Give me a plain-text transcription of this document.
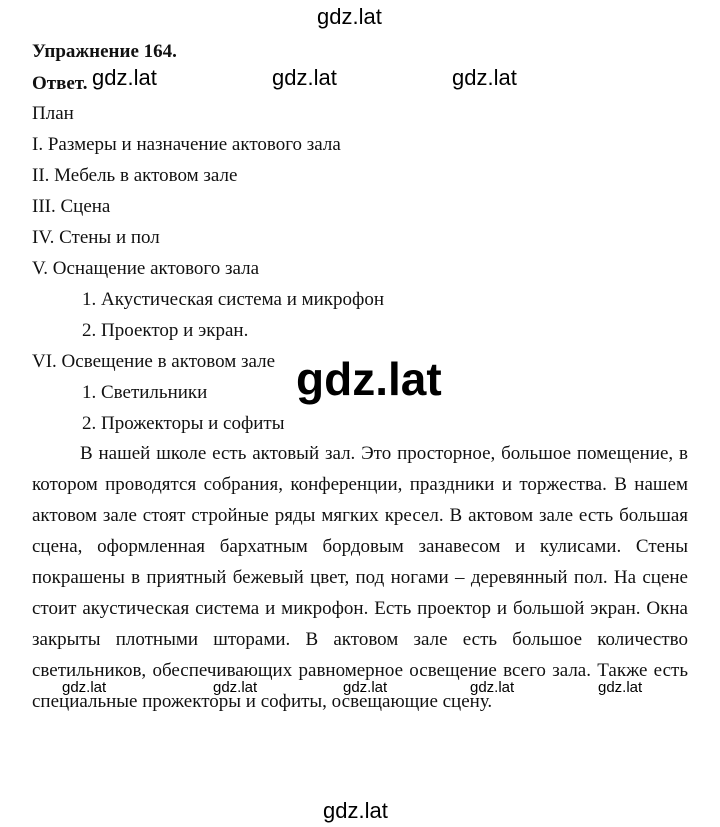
gdz.lat
Упражнение 164.
Ответ. gdz.lat	gdz.lat	gdz.lat
План
I. Размеры и назначение актового зала
II. Мебель в актовом зале
III. Сцена
IV. Стены и пол
V. Оснащение актового зала
1. Акустическая система и микрофон
2. Проектор и экран.
VI. Освещение в актовом зале
1. Светильники
2. Прожекторы и софиты
gdz.lat
В нашей школе есть актовый зал. Это просторное, большое помещение, в котором проводятся собрания, конференции, праздники и торжества. В нашем актовом зале стоят стройные ряды мягких кресел. В актовом зале есть большая сцена, оформленная бархатным бордовым занавесом и кулисами. Стены покрашены в приятный бежевый цвет, под ногами – деревянный пол. На сцене стоит акустическая система и микрофон. Есть проектор и большой экран. Окна закрыты плотными шторами. В актовом зале есть большое количество светильников, обеспечивающих равномерное освещение всего зала. Также есть специальные прожекторы и софиты, освещающие сцену.
gdz.lat	gdz.lat	gdz.lat	gdz.lat	gdz.lat
gdz.lat
